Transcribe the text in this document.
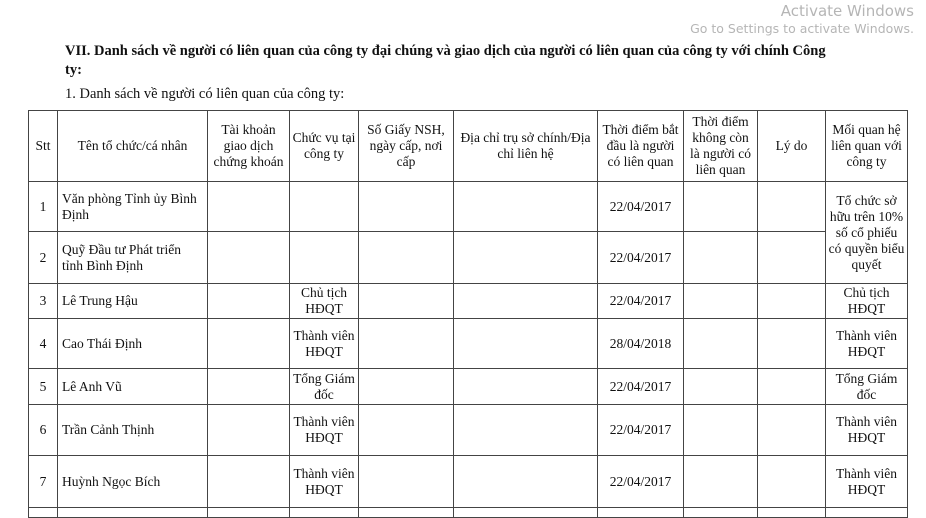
VII. Danh sách về người có liên quan của công ty đại chúng và giao dịch của người có liên quan của công ty với chính Công
ty:
1. Danh sách về người có liên quan của công ty:
Stt	Tên tổ chức/cá nhân	Tài khoản giao dịch chứng khoán	Chức vụ tại công ty	Số Giấy NSH, ngày cấp, nơi cấp	Địa chỉ trụ sở chính/Địa chỉ liên hệ	Thời điểm bắt đầu là người có liên quan	Thời điểm không còn là người có liên quan	Lý do	Mối quan hệ liên quan với công ty
1	Văn phòng Tỉnh ủy Bình Định					22/04/2017			Tổ chức sở hữu trên 10% số cổ phiếu có quyền biểu quyết
2	Quỹ Đầu tư Phát triển tỉnh Bình Định					22/04/2017			
3	Lê Trung Hậu		Chủ tịch HĐQT			22/04/2017			Chủ tịch HĐQT
4	Cao Thái Định		Thành viên HĐQT			28/04/2018			Thành viên HĐQT
5	Lê Anh Vũ		Tổng Giám đốc			22/04/2017			Tổng Giám đốc
6	Trần Cảnh Thịnh		Thành viên HĐQT			22/04/2017			Thành viên HĐQT
7	Huỳnh Ngọc Bích		Thành viên HĐQT			22/04/2017			Thành viên HĐQT

Activate Windows
Go to Settings to activate Windows.
